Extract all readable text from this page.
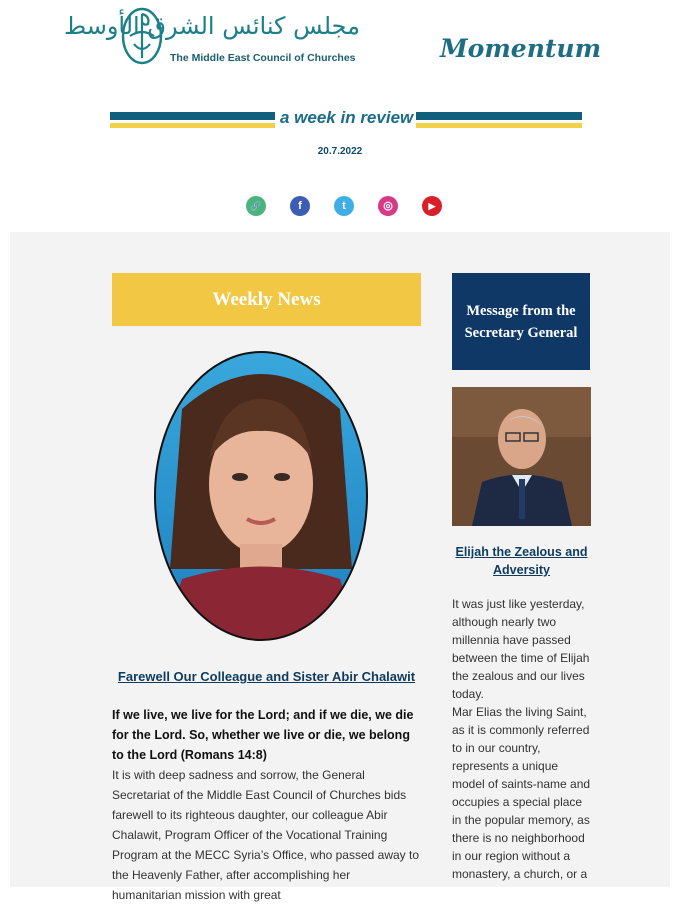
مجلس كنائس الشرق الأوسط
The Middle East Council of Churches	Momentum
a week in review
20.7.2022
🔗	f	t	◎	▶
Weekly News
Farewell Our Colleague and Sister Abir Chalawit
If we live, we live for the Lord; and if we die, we die for the Lord. So, whether we live or die, we belong to the Lord (Romans 14:8)
It is with deep sadness and sorrow, the General Secretariat of the Middle East Council of Churches bids farewell to its righteous daughter, our colleague Abir Chalawit, Program Officer of the Vocational Training Program at the MECC Syria’s Office, who passed away to the Heavenly Father, after accomplishing her humanitarian mission with great
Message from the Secretary General
Elijah the Zealous and Adversity
It was just like yesterday, although nearly two millennia have passed between the time of Elijah the zealous and our lives today.
Mar Elias the living Saint, as it is commonly referred to in our country, represents a unique model of saints-name and occupies a special place in the popular memory, as there is no neighborhood in our region without a monastery, a church, or a
